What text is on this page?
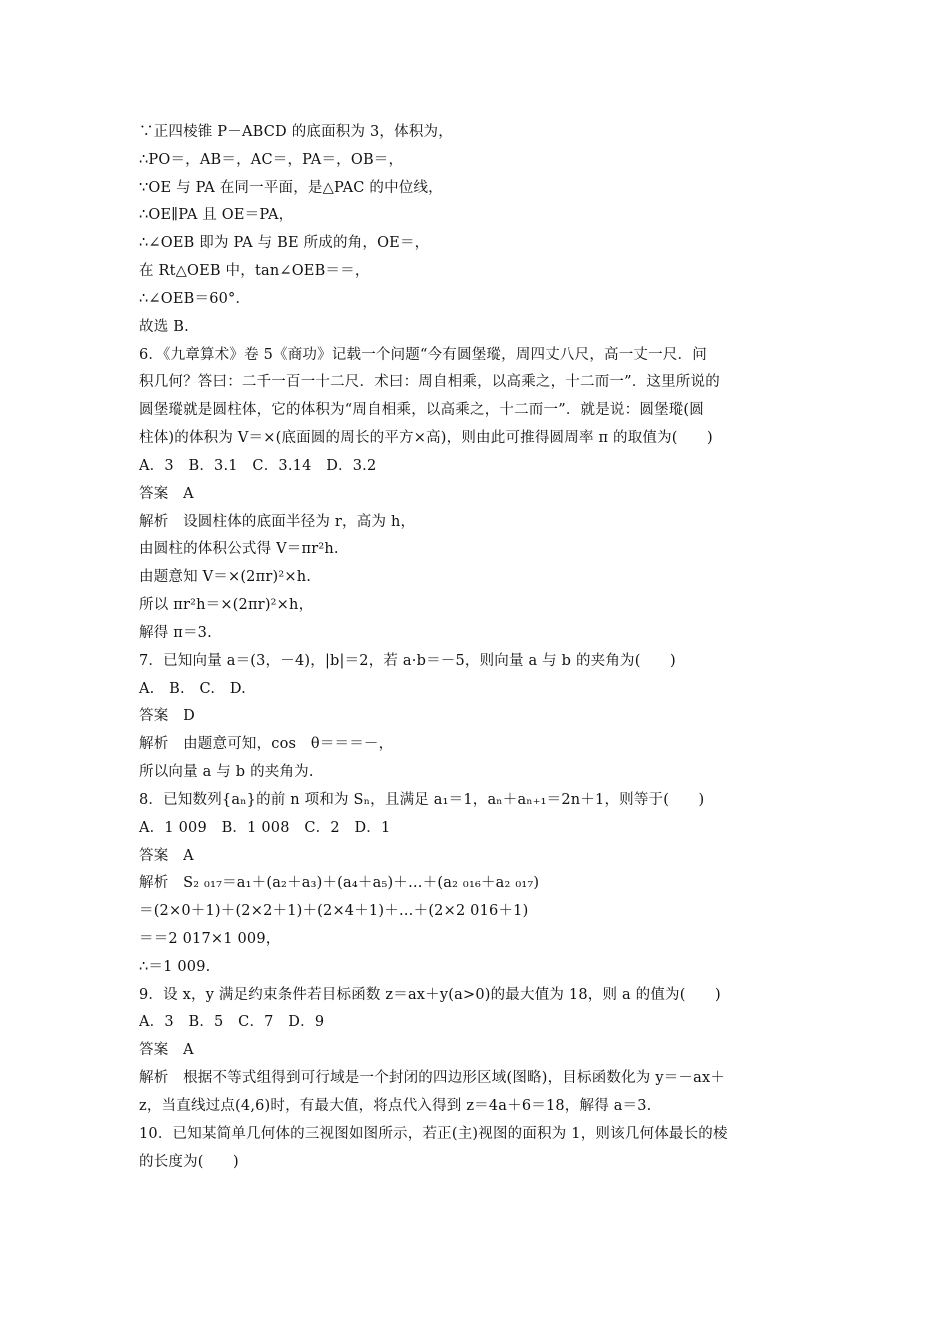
∵正四棱锥 P－ABCD 的底面积为 3，体积为，
∴PO＝，AB＝，AC＝，PA＝，OB＝，
∵OE 与 PA 在同一平面，是△PAC 的中位线，
∴OE∥PA 且 OE＝PA，
∴∠OEB 即为 PA 与 BE 所成的角，OE＝，
在 Rt△OEB 中，tan∠OEB＝＝，
∴∠OEB＝60°．
故选 B.
6．《九章算术》卷 5《商功》记载一个问题“今有圆堡瑽，周四丈八尺，高一丈一尺．问
积几何？答曰：二千一百一十二尺．术曰：周自相乘，以高乘之，十二而一”．这里所说的
圆堡瑽就是圆柱体，它的体积为“周自相乘，以高乘之，十二而一”．就是说：圆堡瑽(圆
柱体)的体积为 V＝×(底面圆的周长的平方×高)，则由此可推得圆周率 π 的取值为(　　)
A．3　B．3.1　C．3.14　D．3.2
答案　A
解析　设圆柱体的底面半径为 r，高为 h，
由圆柱的体积公式得 V＝πr²h.
由题意知 V＝×(2πr)²×h.
所以 πr²h＝×(2πr)²×h，
解得 π＝3.
7．已知向量 a＝(3，－4)，|b|＝2，若 a·b＝－5，则向量 a 与 b 的夹角为(　　)
A.　B.　C.　D.
答案　D
解析　由题意可知，cos　θ＝＝＝－，
所以向量 a 与 b 的夹角为.
8．已知数列{aₙ}的前 n 项和为 Sₙ，且满足 a₁＝1，aₙ＋aₙ₊₁＝2n＋1，则等于(　　)
A．1 009　B．1 008　C．2　D．1
答案　A
解析　S₂ ₀₁₇＝a₁＋(a₂＋a₃)＋(a₄＋a₅)＋…＋(a₂ ₀₁₆＋a₂ ₀₁₇)
＝(2×0＋1)＋(2×2＋1)＋(2×4＋1)＋…＋(2×2 016＋1)
＝＝2 017×1 009，
∴＝1 009.
9．设 x，y 满足约束条件若目标函数 z＝ax＋y(a>0)的最大值为 18，则 a 的值为(　　)
A．3　B．5　C．7　D．9
答案　A
解析　根据不等式组得到可行域是一个封闭的四边形区域(图略)，目标函数化为 y＝－ax＋
z，当直线过点(4,6)时，有最大值，将点代入得到 z＝4a＋6＝18，解得 a＝3.
10．已知某简单几何体的三视图如图所示，若正(主)视图的面积为 1，则该几何体最长的棱
的长度为(　　)
